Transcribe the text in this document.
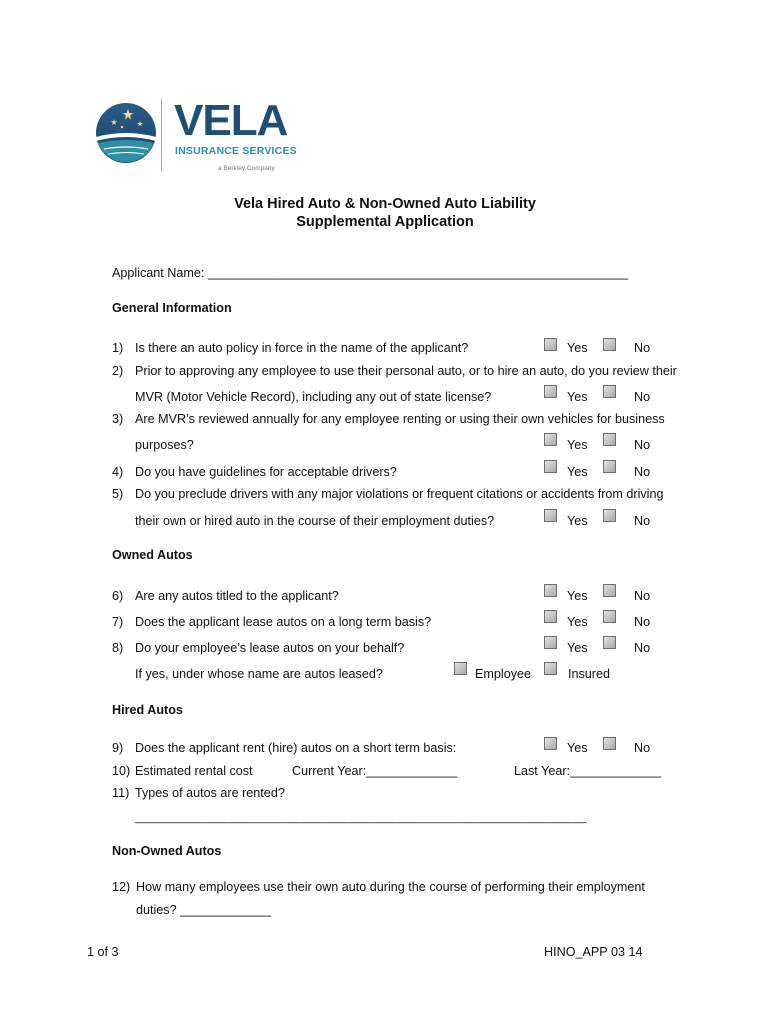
VELA
INSURANCE SERVICES
a Berkley Company
Vela Hired Auto & Non-Owned Auto Liability
Supplemental Application
Applicant Name: ____________________________________________________________
General Information
1) Is there an auto policy in force in the name of the applicant?	Yes	No
2) Prior to approving any employee to use their personal auto, or to hire an auto, do you review their
MVR (Motor Vehicle Record), including any out of state license?	Yes	No
3) Are MVR’s reviewed annually for any employee renting or using their own vehicles for business
purposes?	Yes	No
4) Do you have guidelines for acceptable drivers?	Yes	No
5) Do you preclude drivers with any major violations or frequent citations or accidents from driving
their own or hired auto in the course of their employment duties?	Yes	No
Owned Autos
6) Are any autos titled to the applicant?	Yes	No
7) Does the applicant lease autos on a long term basis?	Yes	No
8) Do your employee’s lease autos on your behalf?	Yes	No
If yes, under whose name are autos leased?	Employee	Insured
Hired Autos
9) Does the applicant rent (hire) autos on a short term basis:	Yes	No
10) Estimated rental cost	Current Year:_____________	Last Year:_____________
11) Types of autos are rented?
___________________________________________________________________________
Non-Owned Autos
12) How many employees use their own auto during the course of performing their employment
duties? _____________
1 of 3	HINO_APP 03 14
